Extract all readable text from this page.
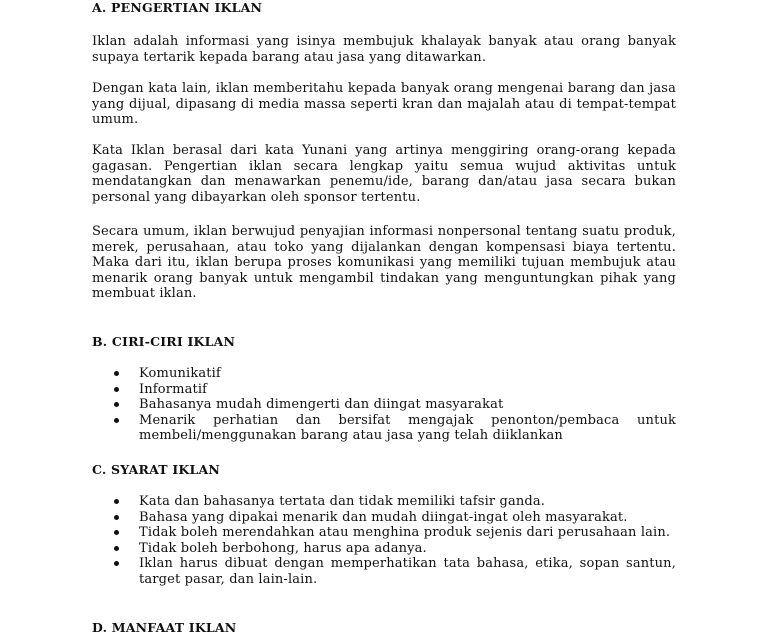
A. PENGERTIAN IKLAN
Iklan adalah informasi yang isinya membujuk khalayak banyak atau orang banyak supaya tertarik kepada barang atau jasa yang ditawarkan.
Dengan kata lain, iklan memberitahu kepada banyak orang mengenai barang dan jasa yang dijual, dipasang di media massa seperti kran dan majalah atau di tempat-tempat umum.
Kata Iklan berasal dari kata Yunani yang artinya menggiring orang-orang kepada gagasan. Pengertian iklan secara lengkap yaitu semua wujud aktivitas untuk mendatangkan dan menawarkan penemu/ide, barang dan/atau jasa secara bukan personal yang dibayarkan oleh sponsor tertentu.
Secara umum, iklan berwujud penyajian informasi nonpersonal tentang suatu produk, merek, perusahaan, atau toko yang dijalankan dengan kompensasi biaya tertentu. Maka dari itu, iklan berupa proses komunikasi yang memiliki tujuan membujuk atau menarik orang banyak untuk mengambil tindakan yang menguntungkan pihak yang membuat iklan.
B. CIRI-CIRI IKLAN
Komunikatif
Informatif
Bahasanya mudah dimengerti dan diingat masyarakat
Menarik perhatian dan bersifat mengajak penonton/pembaca untuk membeli/menggunakan barang atau jasa yang telah diiklankan
C. SYARAT IKLAN
Kata dan bahasanya tertata dan tidak memiliki tafsir ganda.
Bahasa yang dipakai menarik dan mudah diingat-ingat oleh masyarakat.
Tidak boleh merendahkan atau menghina produk sejenis dari perusahaan lain.
Tidak boleh berbohong, harus apa adanya.
Iklan harus dibuat dengan memperhatikan tata bahasa, etika, sopan santun, target pasar, dan lain-lain.
D. MANFAAT IKLAN
